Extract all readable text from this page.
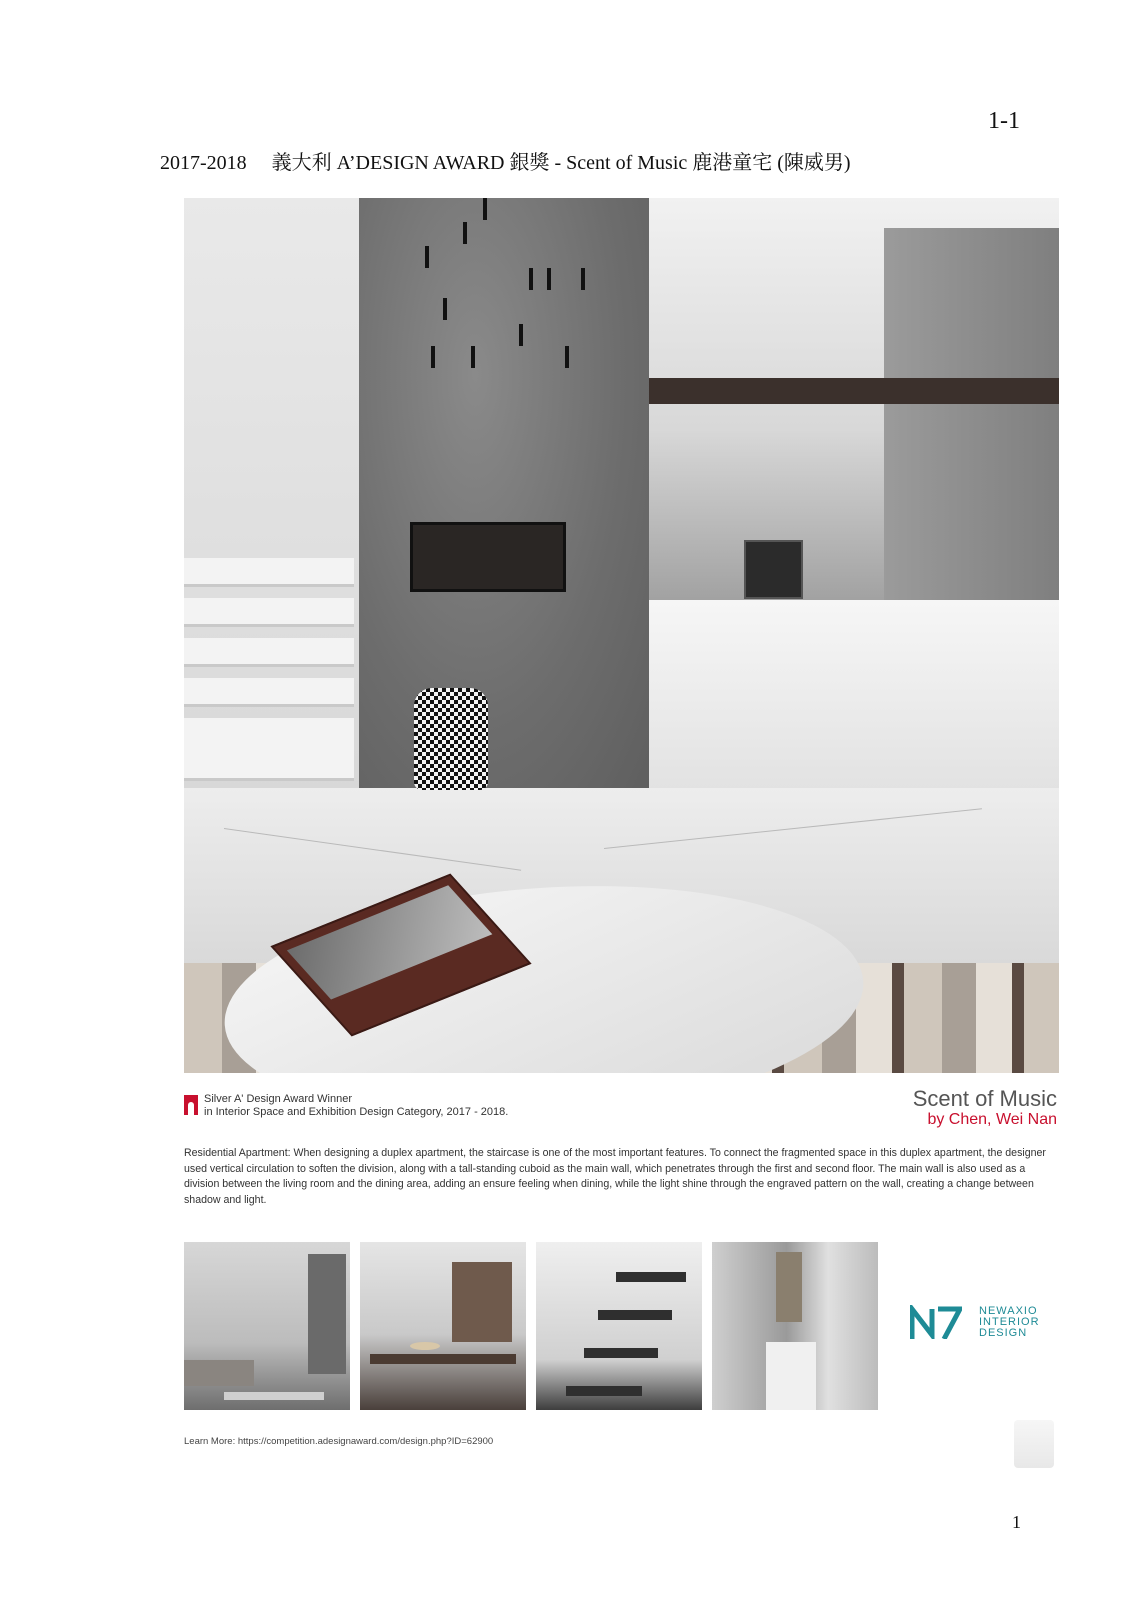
1-1
2017-2018　 義大利 A’DESIGN AWARD 銀獎 - Scent of Music 鹿港童宅 (陳威男)
Silver A' Design Award Winner
in Interior Space and Exhibition Design Category, 2017 - 2018.
Scent of Music
by Chen, Wei Nan

Residential Apartment: When designing a duplex apartment, the staircase is one of the most important features. To connect the fragmented space in this duplex apartment, the designer used vertical circulation to soften the division, along with a tall-standing cuboid as the main wall, which penetrates through the first and second floor. The main wall is also used as a division between the living room and the dining area, adding an ensure feeling when dining, while the light shine through the engraved pattern on the wall, creating a change between shadow and light.

NEWAXIO
INTERIOR
DESIGN
Learn More: https://competition.adesignaward.com/design.php?ID=62900
1
